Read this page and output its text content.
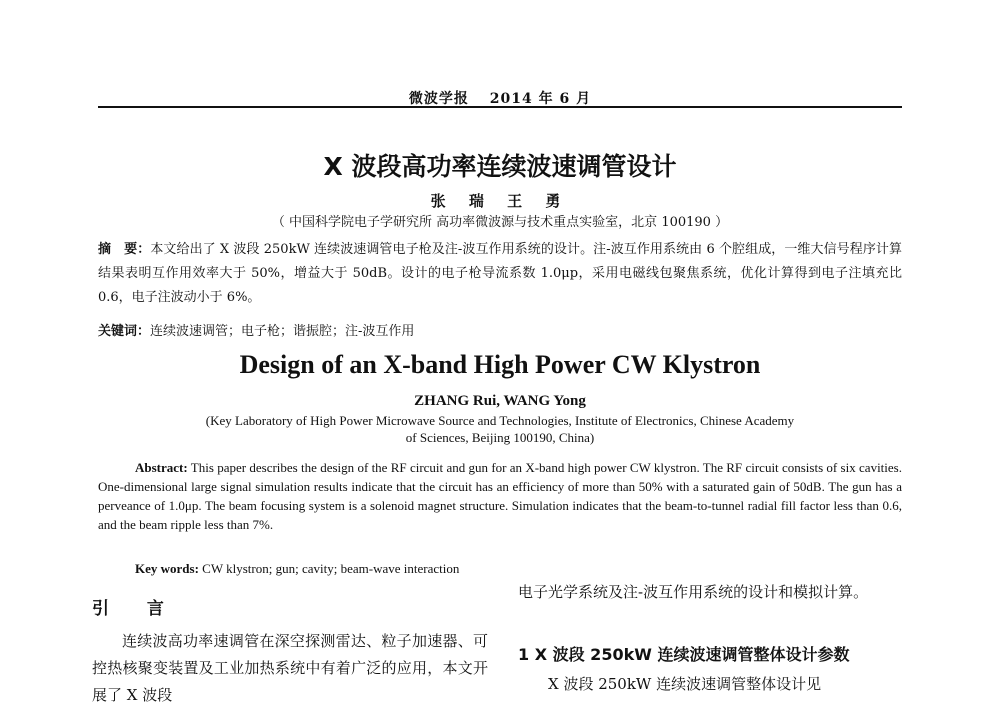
微波学报　 2014 年 6 月
X 波段高功率连续波速调管设计
张 瑞 王 勇
（ 中国科学院电子学研究所 高功率微波源与技术重点实验室，北京 100190 ）
摘　要：本文给出了 X 波段 250kW 连续波速调管电子枪及注-波互作用系统的设计。注-波互作用系统由 6 个腔组成，一维大信号程序计算结果表明互作用效率大于 50%，增益大于 50dB。设计的电子枪导流系数 1.0μp，采用电磁线包聚焦系统，优化计算得到电子注填充比 0.6，电子注波动小于 6%。
关键词：连续波速调管；电子枪；谐振腔；注-波互作用
Design of an X-band High Power CW Klystron
ZHANG Rui, WANG Yong
(Key Laboratory of High Power Microwave Source and Technologies, Institute of Electronics, Chinese Academy of Sciences, Beijing 100190, China)
Abstract: This paper describes the design of the RF circuit and gun for an X-band high power CW klystron. The RF circuit consists of six cavities. One-dimensional large signal simulation results indicate that the circuit has an efficiency of more than 50% with a saturated gain of 50dB. The gun has a perveance of 1.0μp. The beam focusing system is a solenoid magnet structure. Simulation indicates that the beam-to-tunnel radial fill factor less than 0.6, and the beam ripple less than 7%.
Key words: CW klystron; gun; cavity; beam-wave interaction
引 言
连续波高功率速调管在深空探测雷达、粒子加速器、可控热核聚变装置及工业加热系统中有着广泛的应用，本文开展了 X 波段
电子光学系统及注-波互作用系统的设计和模拟计算。
1 X 波段 250kW 连续波速调管整体设计参数
X 波段 250kW 连续波速调管整体设计见
